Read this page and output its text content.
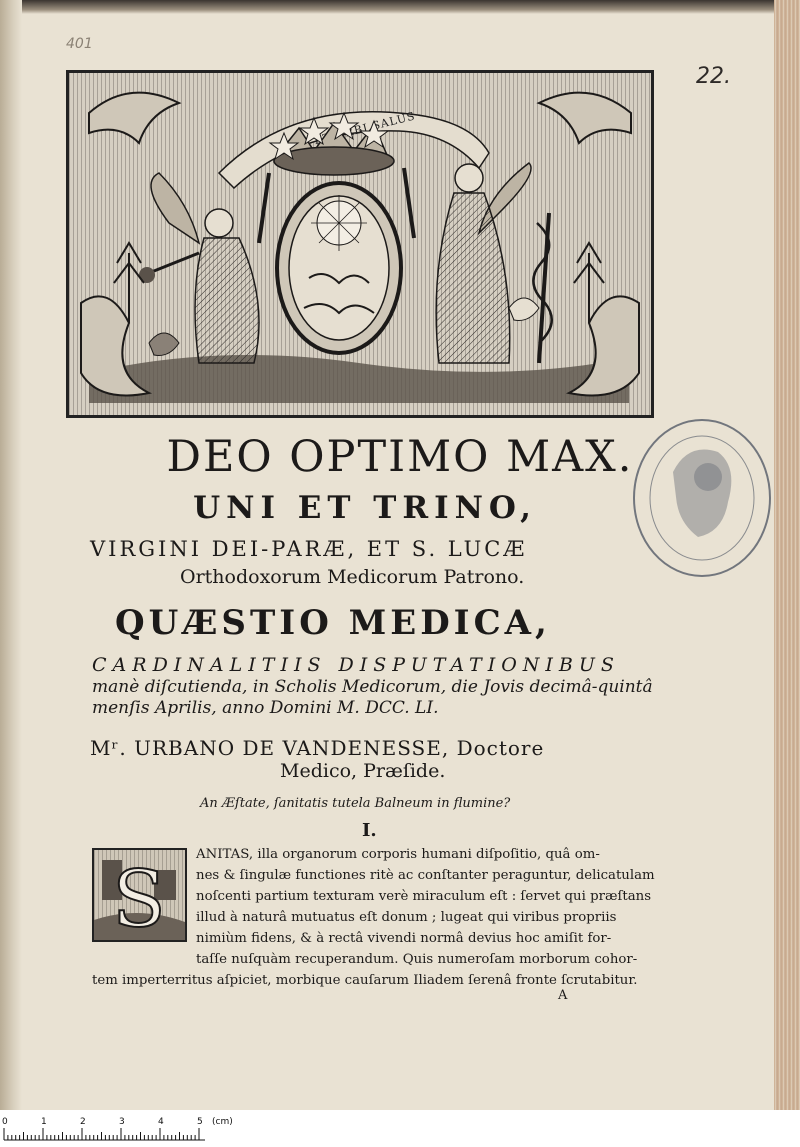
401
22.
ORBI SALUS
DEO OPTIMO MAX.
UNI ET TRINO,
VIRGINI DEI-PARÆ, ET S. LUCÆ
Orthodoxorum Medicorum Patrono.
QUÆSTIO MEDICA,
CARDINALITIIS DISPUTATIONIBUS
manè diſcutienda, in Scholis Medicorum, die Jovis decimâ-quintâ
menſis Aprilis, anno Domini M. DCC. LI.
Mʳ. URBANO DE VANDENESSE, Doctore
Medico, Præſide.
An Æſtate, ſanitatis tutela Balneum in flumine?
I.
S
ANITAS, illa organorum corporis humani diſpoſitio, quâ om-
nes & ſingulæ functiones ritè ac conſtanter peraguntur, delicatulam
noſcenti partium texturam verè miraculum eſt : ſervet qui præſtans
illud à naturâ mutuatus eſt donum ; lugeat qui viribus propriis
nimiùm fidens, & à rectâ vivendi normâ devius hoc amiſit for-
taſſe nuſquàm recuperandum. Quis numeroſam morborum cohor-
tem imperterritus aſpiciet, morbique cauſarum Iliadem ſerenâ fronte ſcrutabitur.
A
0	1	2	3	4	5 (cm)
